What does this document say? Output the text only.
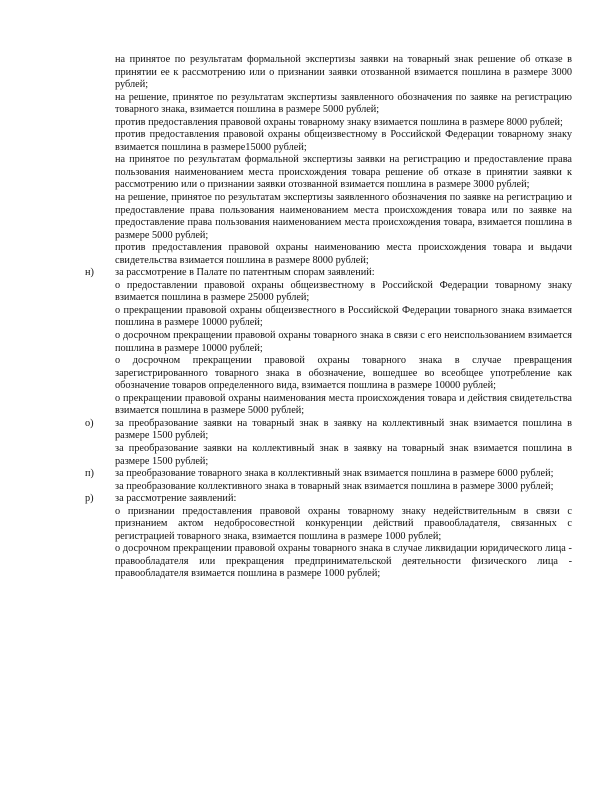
на принятое по результатам формальной экспертизы заявки на товарный знак решение об отказе в принятии ее к рассмотрению или о признании заявки отозванной взимается пошлина в размере 3000 рублей;

на решение, принятое по результатам экспертизы заявленного обозначения по заявке на регистрацию товарного знака, взимается пошлина в размере 5000 рублей;

против предоставления правовой охраны товарному знаку взимается пошлина в размере 8000 рублей;

против предоставления правовой охраны общеизвестному в Российской Федерации товарному знаку взимается пошлина в размере15000 рублей;

на принятое по результатам формальной экспертизы заявки на регистрацию и предоставление права пользования наименованием места происхождения товара решение об отказе в принятии заявки к рассмотрению или о признании заявки отозванной взимается пошлина в размере 3000 рублей;

на решение, принятое по результатам экспертизы заявленного обозначения по заявке на регистрацию и предоставление права пользования наименованием места происхождения товара или по заявке на предоставление права пользования наименованием места происхождения товара, взимается пошлина в размере 5000 рублей;

против предоставления правовой охраны наименованию места происхождения товара и выдачи свидетельства взимается пошлина в размере 8000 рублей;

н)	за рассмотрение в Палате по патентным спорам заявлений:

о предоставлении правовой охраны общеизвестному в Российской Федерации товарному знаку взимается пошлина в размере 25000 рублей;

о прекращении правовой охраны общеизвестного в Российской Федерации товарного знака взимается пошлина в размере 10000 рублей;

о досрочном прекращении правовой охраны товарного знака в связи с его неиспользованием взимается пошлина в размере 10000 рублей;

о досрочном прекращении правовой охраны товарного знака в случае превращения зарегистрированного товарного знака в обозначение, вошедшее во всеобщее употребление как обозначение товаров определенного вида, взимается пошлина в размере 10000 рублей;

о прекращении правовой охраны наименования места происхождения товара и действия свидетельства взимается пошлина в размере 5000 рублей;

о)	за преобразование заявки на товарный знак в заявку на коллективный знак взимается пошлина в размере 1500 рублей;

за преобразование заявки на коллективный знак в заявку на товарный знак взимается пошлина в размере 1500 рублей;

п)	за преобразование товарного знака в коллективный знак взимается пошлина в размере 6000 рублей;

за преобразование коллективного знака в товарный знак взимается пошлина в размере 3000 рублей;

р)	за рассмотрение заявлений:

о признании предоставления правовой охраны товарному знаку недействительным в связи с признанием актом недобросовестной конкуренции действий правообладателя, связанных с регистрацией товарного знака, взимается пошлина в размере 1000 рублей;

о досрочном прекращении правовой охраны товарного знака в случае ликвидации юридического лица - правообладателя или прекращения предпринимательской деятельности физического лица - правообладателя взимается пошлина в размере 1000 рублей;
